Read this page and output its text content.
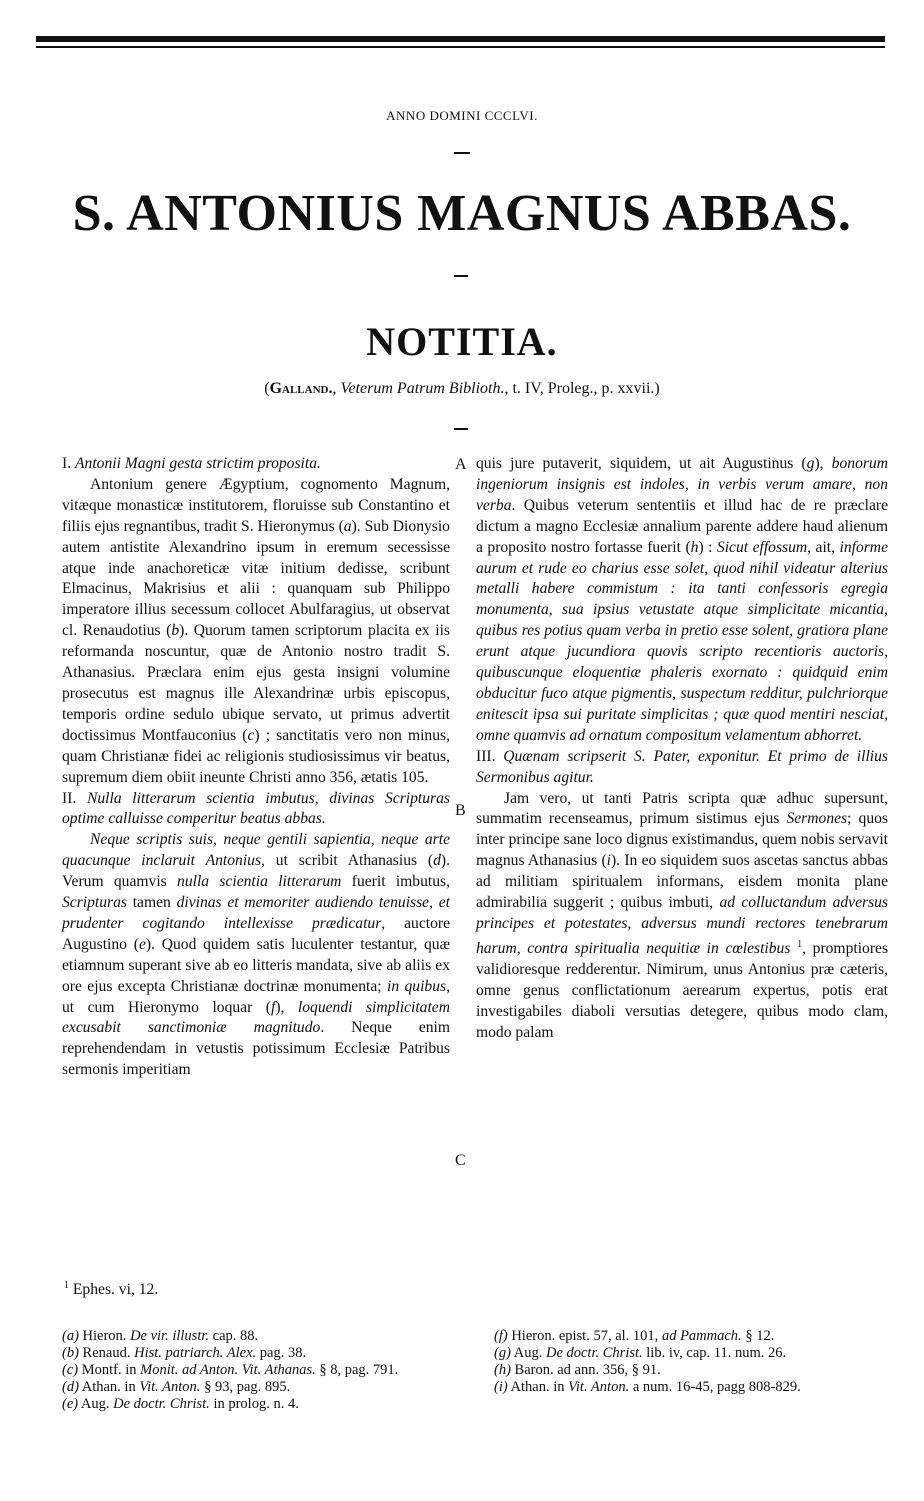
ANNO DOMINI CCCLVI.
S. ANTONIUS MAGNUS ABBAS.
NOTITIA.
(Galland., Veterum Patrum Biblioth., t. IV, Proleg., p. xxvii.)

I. Antonii Magni gesta strictim proposita.

Antonium genere Ægyptium, cognomento Magnum, vitæque monasticæ institutorem, floruisse sub Constantino et filiis ejus regnantibus, tradit S. Hieronymus (a). Sub Dionysio autem antistite Alexandrino ipsum in eremum secessisse atque inde anachoreticæ vitæ initium dedisse, scribunt Elmacinus, Makrisius et alii : quanquam sub Philippo imperatore illius secessum collocet Abulfaragius, ut observat cl. Renaudotius (b). Quorum tamen scriptorum placita ex iis reformanda noscuntur, quæ de Antonio nostro tradit S. Athanasius. Præclara enim ejus gesta insigni volumine prosecutus est magnus ille Alexandrinæ urbis episcopus, temporis ordine sedulo ubique servato, ut primus advertit doctissimus Montfauconius (c) ; sanctitatis vero non minus, quam Christianæ fidei ac religionis studiosissimus vir beatus, supremum diem obiit ineunte Christi anno 356, ætatis 105.

II. Nulla litterarum scientia imbutus, divinas Scripturas optime calluisse comperitur beatus abbas.

Neque scriptis suis, neque gentili sapientia, neque arte quacunque inclaruit Antonius, ut scribit Athanasius (d). Verum quamvis nulla scientia litterarum fuerit imbutus, Scripturas tamen divinas et memoriter audiendo tenuisse, et prudenter cogitando intellexisse prædicatur, auctore Augustino (e). Quod quidem satis luculenter testantur, quæ etiamnum superant sive ab eo litteris mandata, sive ab aliis ex ore ejus excepta Christianæ doctrinæ monumenta; in quibus, ut cum Hieronymo loquar (f), loquendi simplicitatem excusabit sanctimoniæ magnitudo. Neque enim reprehendendam in vetustis potissimum Ecclesiæ Patribus sermonis imperitiam

A
B
C

quis jure putaverit, siquidem, ut ait Augustinus (g), bonorum ingeniorum insignis est indoles, in verbis verum amare, non verba. Quibus veterum sententiis et illud hac de re præclare dictum a magno Ecclesiæ annalium parente addere haud alienum a proposito nostro fortasse fuerit (h) : Sicut effossum, ait, informe aurum et rude eo charius esse solet, quod nihil videatur alterius metalli habere commistum : ita tanti confessoris egregia monumenta, sua ipsius vetustate atque simplicitate micantia, quibus res potius quam verba in pretio esse solent, gratiora plane erunt atque jucundiora quovis scripto recentioris auctoris, quibuscunque eloquentiæ phaleris exornato : quidquid enim obducitur fuco atque pigmentis, suspectum redditur, pulchriorque enitescit ipsa sui puritate simplicitas ; quæ quod mentiri nesciat, omne quamvis ad ornatum compositum velamentum abhorret.

III. Quænam scripserit S. Pater, exponitur. Et primo de illius Sermonibus agitur.

Jam vero, ut tanti Patris scripta quæ adhuc supersunt, summatim recenseamus, primum sistimus ejus Sermones; quos inter principe sane loco dignus existimandus, quem nobis servavit magnus Athanasius (i). In eo siquidem suos ascetas sanctus abbas ad militiam spiritualem informans, eisdem monita plane admirabilia suggerit ; quibus imbuti, ad colluctandum adversus principes et potestates, adversus mundi rectores tenebrarum harum, contra spiritualia nequitiæ in cœlestibus $^1$, promptiores validioresque redderentur. Nimirum, unus Antonius præ cæteris, omne genus conflictationum aerearum expertus, potis erat investigabiles diaboli versutias detegere, quibus modo clam, modo palam

$^1$ Ephes. vi, 12.
(a) Hieron. De vir. illustr. cap. 88.
(b) Renaud. Hist. patriarch. Alex. pag. 38.
(c) Montf. in Monit. ad Anton. Vit. Athanas. § 8, pag. 791.
(d) Athan. in Vit. Anton. § 93, pag. 895.
(e) Aug. De doctr. Christ. in prolog. n. 4.
(f) Hieron. epist. 57, al. 101, ad Pammach. § 12.
(g) Aug. De doctr. Christ. lib. iv, cap. 11. num. 26.
(h) Baron. ad ann. 356, § 91.
(i) Athan. in Vit. Anton. a num. 16-45, pagg 808-829.
